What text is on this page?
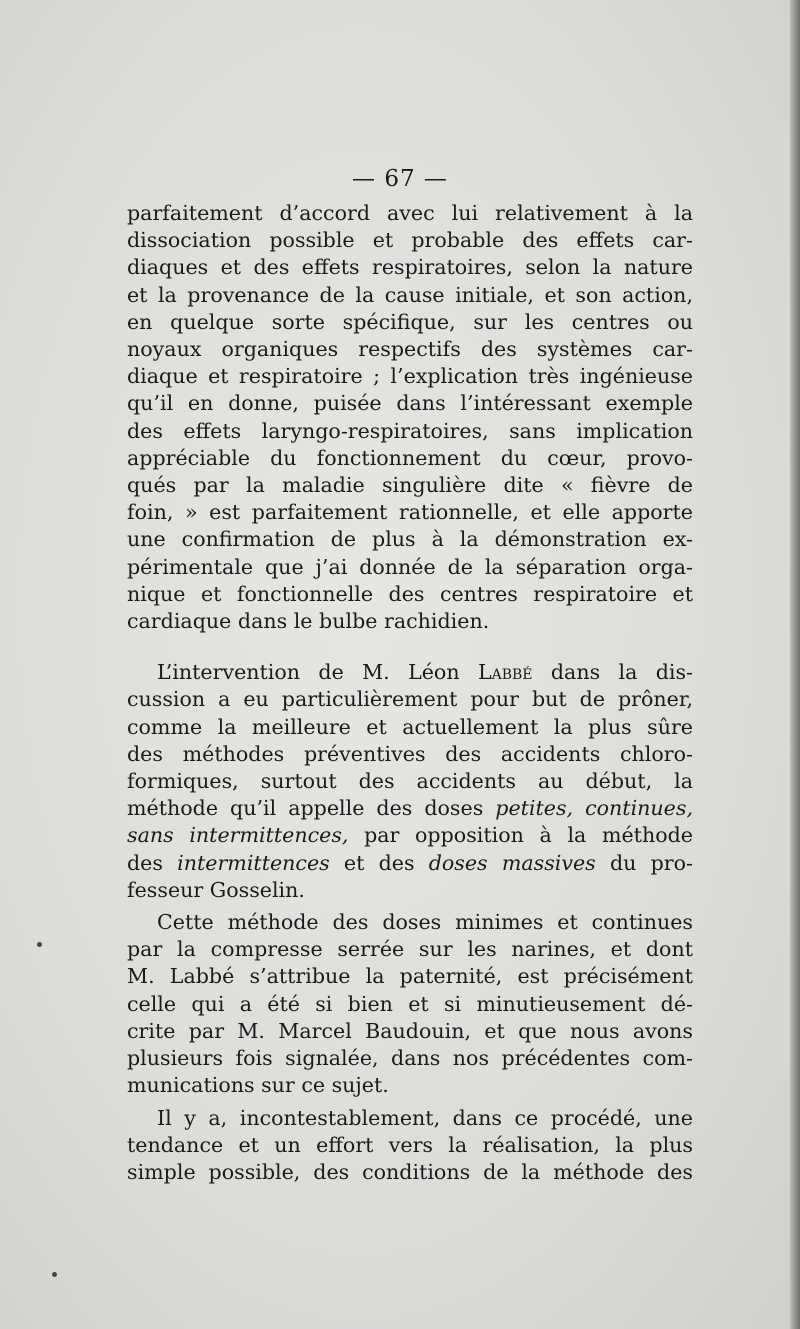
— 67 —

parfaitement d’accord avec lui relativement à la
dissociation possible et probable des effets car-
diaques et des effets respiratoires, selon la nature
et la provenance de la cause initiale, et son action,
en quelque sorte spécifique, sur les centres ou
noyaux organiques respectifs des systèmes car-
diaque et respiratoire ; l’explication très ingénieuse
qu’il en donne, puisée dans l’intéressant exemple
des effets laryngo-respiratoires, sans implication
appréciable du fonctionnement du cœur, provo-
qués par la maladie singulière dite « fièvre de
foin, » est parfaitement rationnelle, et elle apporte
une confirmation de plus à la démonstration ex-
périmentale que j’ai donnée de la séparation orga-
nique et fonctionnelle des centres respiratoire et
cardiaque dans le bulbe rachidien.

L’intervention de M. Léon Labbé dans la dis-
cussion a eu particulièrement pour but de prôner,
comme la meilleure et actuellement la plus sûre
des méthodes préventives des accidents chloro-
formiques, surtout des accidents au début, la
méthode qu’il appelle des doses petites, continues,
sans intermittences, par opposition à la méthode
des intermittences et des doses massives du pro-
fesseur Gosselin.

Cette méthode des doses minimes et continues
par la compresse serrée sur les narines, et dont
M. Labbé s’attribue la paternité, est précisément
celle qui a été si bien et si minutieusement dé-
crite par M. Marcel Baudouin, et que nous avons
plusieurs fois signalée, dans nos précédentes com-
munications sur ce sujet.

Il y a, incontestablement, dans ce procédé, une
tendance et un effort vers la réalisation, la plus
simple possible, des conditions de la méthode des
